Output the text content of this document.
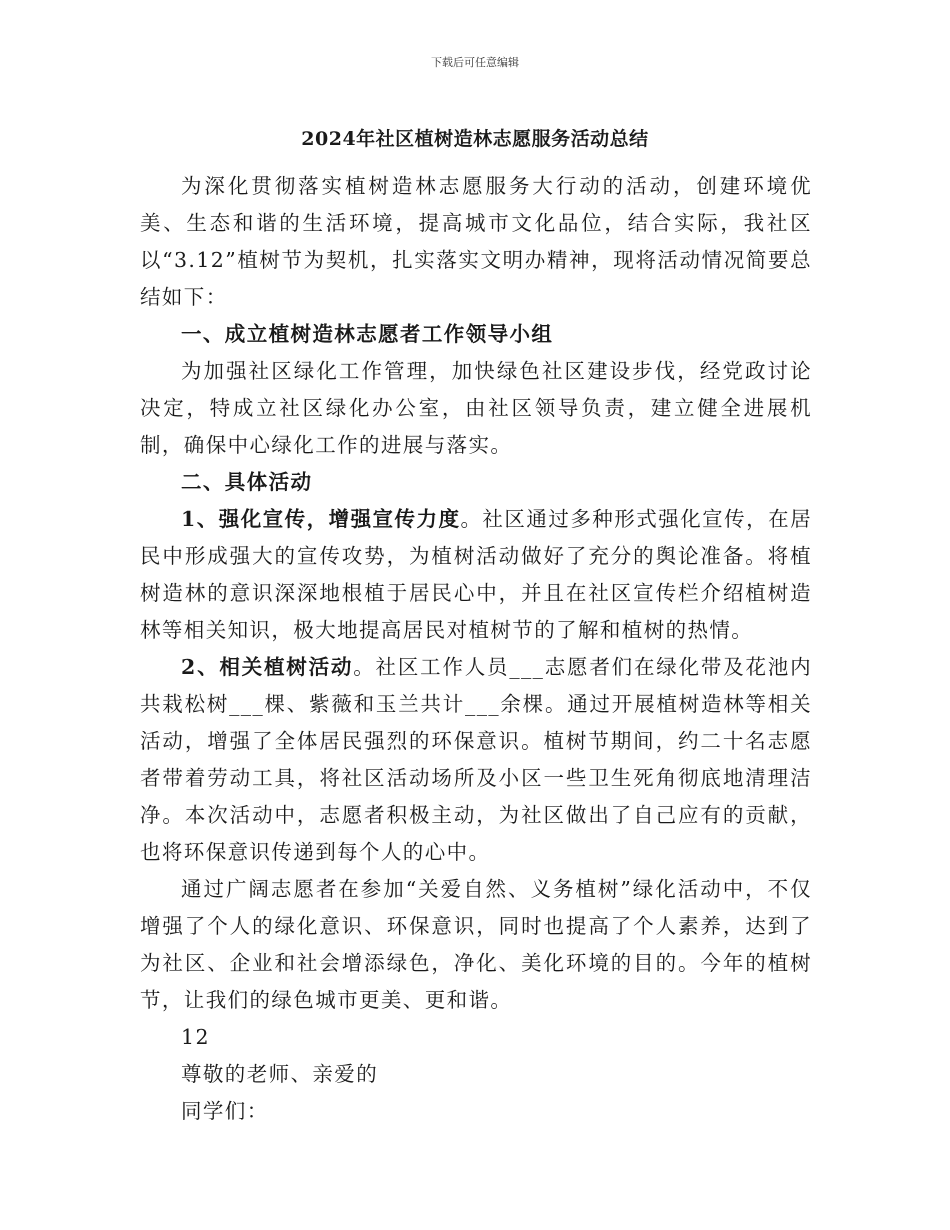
下载后可任意编辑
2024年社区植树造林志愿服务活动总结

为深化贯彻落实植树造林志愿服务大行动的活动，创建环境优美、生态和谐的生活环境，提高城市文化品位，结合实际，我社区以“3.12”植树节为契机，扎实落实文明办精神，现将活动情况简要总结如下：

一、成立植树造林志愿者工作领导小组

为加强社区绿化工作管理，加快绿色社区建设步伐，经党政讨论决定，特成立社区绿化办公室，由社区领导负责，建立健全进展机制，确保中心绿化工作的进展与落实。

二、具体活动

1、强化宣传，增强宣传力度。社区通过多种形式强化宣传，在居民中形成强大的宣传攻势，为植树活动做好了充分的舆论准备。将植树造林的意识深深地根植于居民心中，并且在社区宣传栏介绍植树造林等相关知识，极大地提高居民对植树节的了解和植树的热情。

2、相关植树活动。社区工作人员___志愿者们在绿化带及花池内共栽松树___棵、紫薇和玉兰共计___余棵。通过开展植树造林等相关活动，增强了全体居民强烈的环保意识。植树节期间，约二十名志愿者带着劳动工具，将社区活动场所及小区一些卫生死角彻底地清理洁净。本次活动中，志愿者积极主动，为社区做出了自己应有的贡献，也将环保意识传递到每个人的心中。

通过广阔志愿者在参加“关爱自然、义务植树”绿化活动中，不仅增强了个人的绿化意识、环保意识，同时也提高了个人素养，达到了为社区、企业和社会增添绿色，净化、美化环境的目的。今年的植树节，让我们的绿色城市更美、更和谐。

12

尊敬的老师、亲爱的

同学们：
